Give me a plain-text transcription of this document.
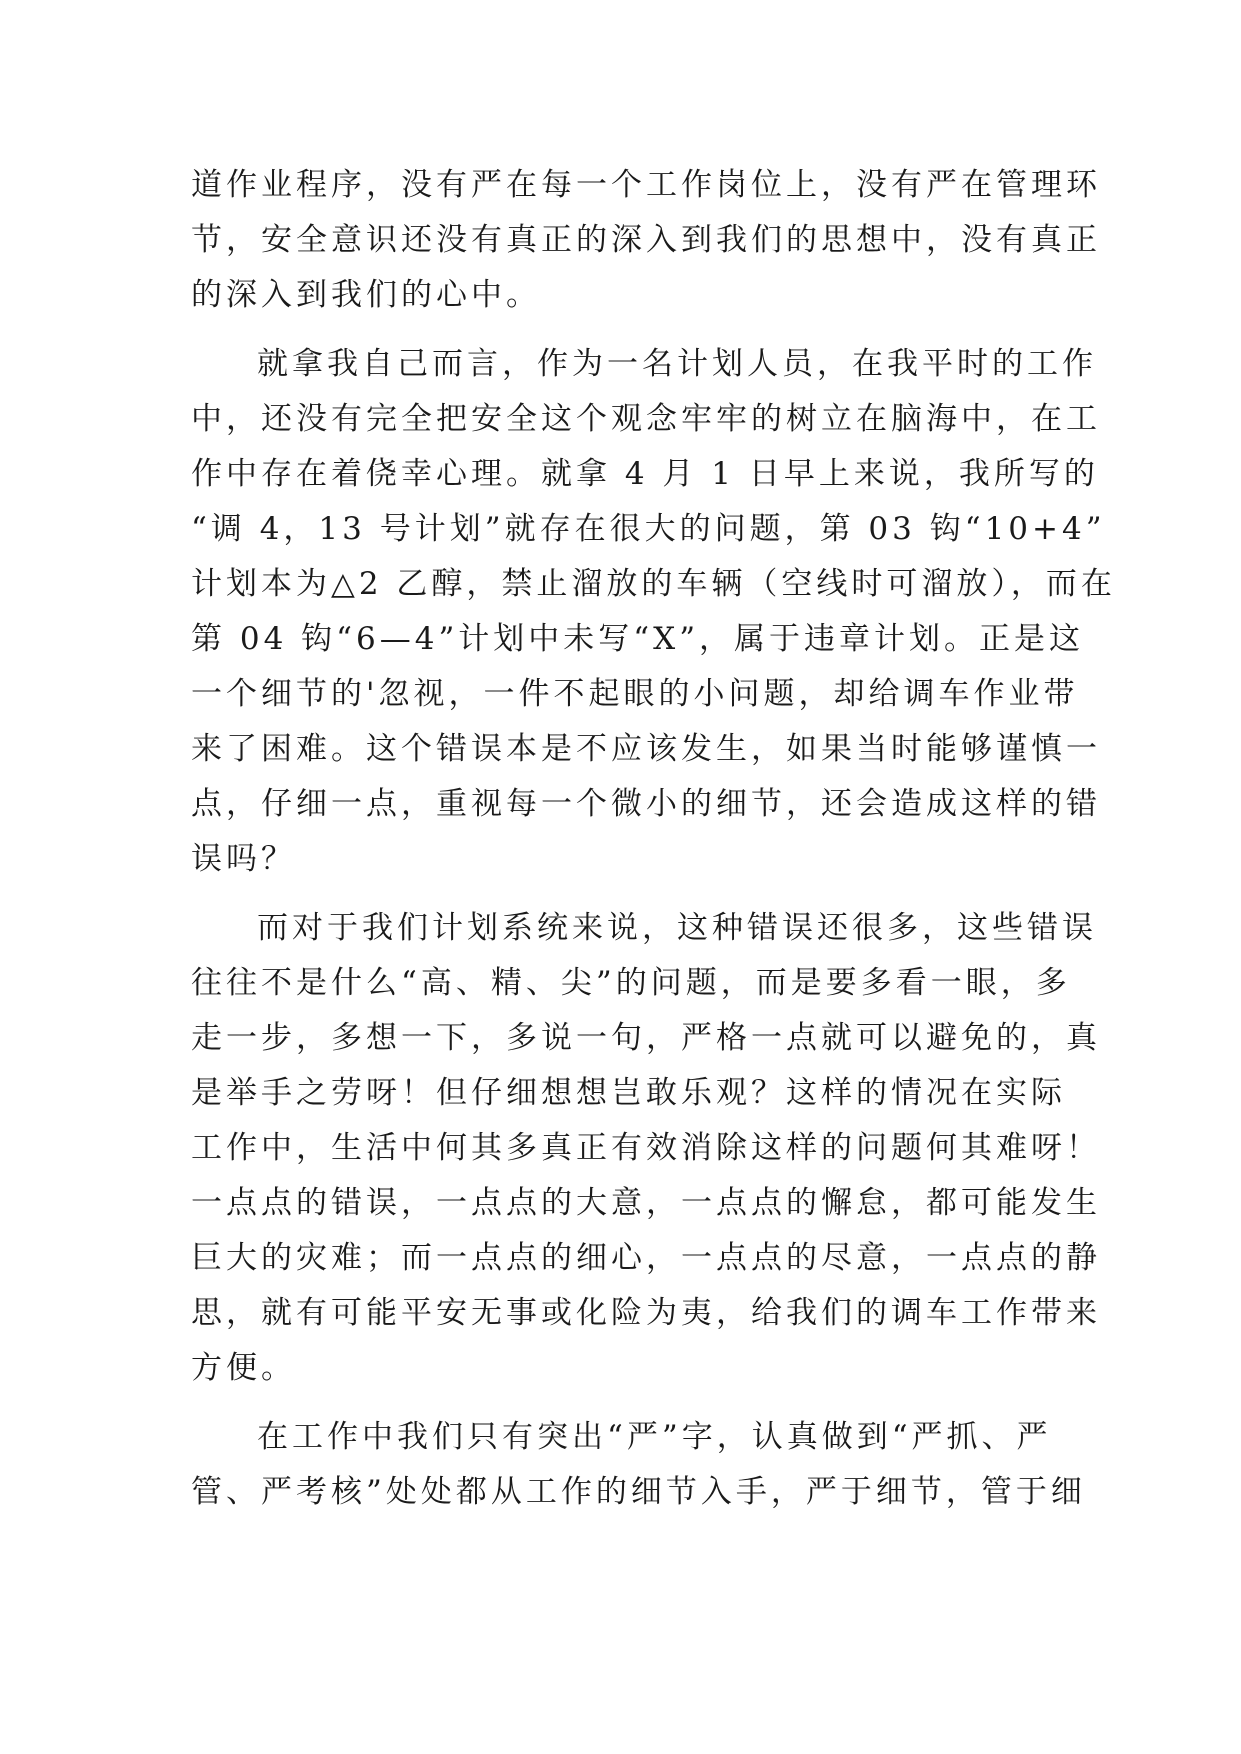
道作业程序，没有严在每一个工作岗位上，没有严在管理环
节，安全意识还没有真正的深入到我们的思想中，没有真正
的深入到我们的心中。
就拿我自己而言，作为一名计划人员，在我平时的工作
中，还没有完全把安全这个观念牢牢的树立在脑海中，在工
作中存在着侥幸心理。就拿 4 月 1 日早上来说，我所写的
“调 4，13 号计划”就存在很大的问题，第 03 钩“10+4”
计划本为△2 乙醇，禁止溜放的车辆（空线时可溜放），而在
第 04 钩“6—4”计划中未写“X”，属于违章计划。正是这
一个细节的'忽视，一件不起眼的小问题，却给调车作业带
来了困难。这个错误本是不应该发生，如果当时能够谨慎一
点，仔细一点，重视每一个微小的细节，还会造成这样的错
误吗？
而对于我们计划系统来说，这种错误还很多，这些错误
往往不是什么“高、精、尖”的问题，而是要多看一眼，多
走一步，多想一下，多说一句，严格一点就可以避免的，真
是举手之劳呀！但仔细想想岂敢乐观？这样的情况在实际
工作中，生活中何其多真正有效消除这样的问题何其难呀！
一点点的错误，一点点的大意，一点点的懈怠，都可能发生
巨大的灾难；而一点点的细心，一点点的尽意，一点点的静
思，就有可能平安无事或化险为夷，给我们的调车工作带来
方便。
在工作中我们只有突出“严”字，认真做到“严抓、严
管、严考核”处处都从工作的细节入手，严于细节，管于细
